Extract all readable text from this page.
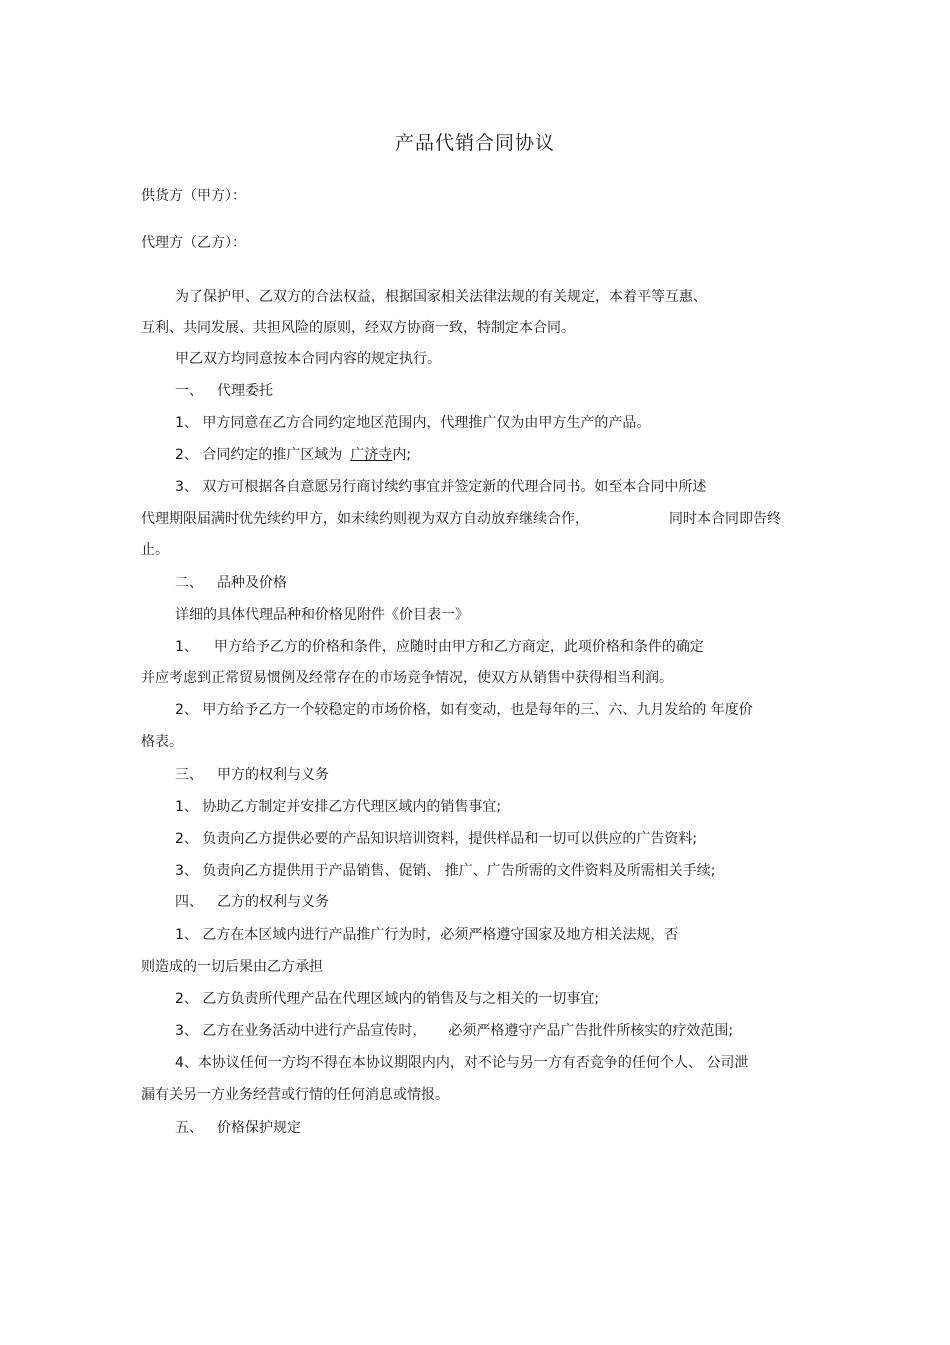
产品代销合同协议
供货方（甲方）：
代理方（乙方）：
为了保护甲、乙双方的合法权益，根据国家相关法律法规的有关规定，本着平等互惠、
互利、共同发展、共担风险的原则，经双方协商一致，特制定本合同。
甲乙双方均同意按本合同内容的规定执行。
一、 代理委托
1、 甲方同意在乙方合同约定地区范围内，代理推广仅为由甲方生产的产品。
2、 合同约定的推广区域为 广济寺内;
3、 双方可根据各自意愿另行商讨续约事宜并签定新的代理合同书。如至本合同中所述
代理期限届满时优先续约甲方，如未续约则视为双方自动放弃继续合作，	同时本合同即告终
止。
二、 品种及价格
详细的具体代理品种和价格见附件《价目表一》
1、 甲方给予乙方的价格和条件，应随时由甲方和乙方商定，此项价格和条件的确定
并应考虑到正常贸易惯例及经常存在的市场竞争情况，使双方从销售中获得相当利润。
2、 甲方给予乙方一个较稳定的市场价格，如有变动，也是每年的三、六、九月发给的 年度价
格表。
三、 甲方的权利与义务
1、 协助乙方制定并安排乙方代理区域内的销售事宜;
2、 负责向乙方提供必要的产品知识培训资料，提供样品和一切可以供应的广告资料;
3、 负责向乙方提供用于产品销售、促销、 推广、广告所需的文件资料及所需相关手续;
四、 乙方的权利与义务
1、 乙方在本区域内进行产品推广行为时，必须严格遵守国家及地方相关法规，否
则造成的一切后果由乙方承担
2、 乙方负责所代理产品在代理区域内的销售及与之相关的一切事宜;
3、 乙方在业务活动中进行产品宣传时， 必须严格遵守产品广告批件所核实的疗效范围;
4、本协议任何一方均不得在本协议期限内内，对不论与另一方有否竞争的任何个人、 公司泄
漏有关另一方业务经营或行情的任何消息或情报。
五、 价格保护规定
